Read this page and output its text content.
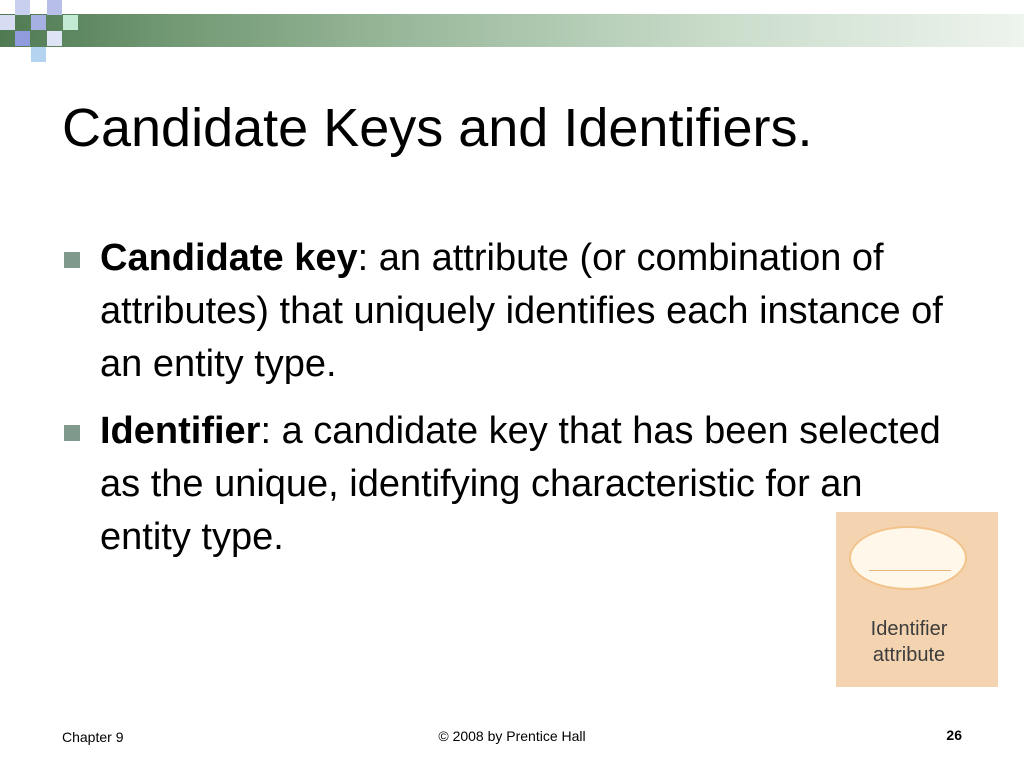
Candidate Keys and Identifiers.
Candidate key: an attribute (or combination of attributes) that uniquely identifies each instance of an entity type.
Identifier: a candidate key that has been selected as the unique, identifying characteristic for an entity type.
Identifier
attribute
Chapter 9	© 2008 by Prentice Hall	26
